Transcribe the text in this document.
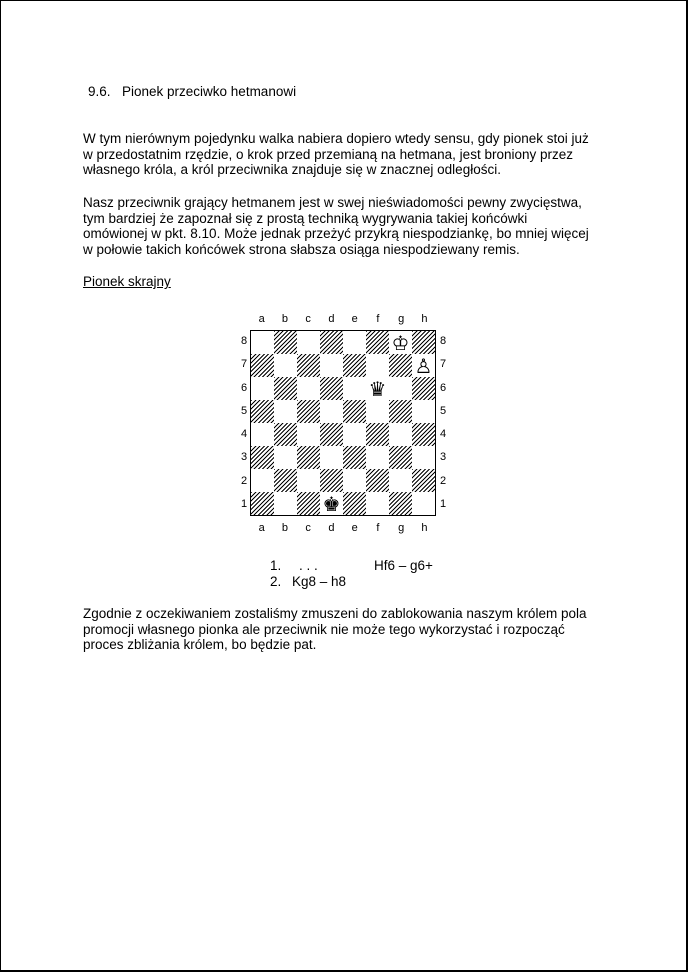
9.6. Pionek przeciwko hetmanowi
W tym nierównym pojedynku walka nabiera dopiero wtedy sensu, gdy pionek stoi już
w przedostatnim rzędzie, o krok przed przemianą na hetmana, jest broniony przez
własnego króla, a król przeciwnika znajduje się w znacznej odległości.
Nasz przeciwnik grający hetmanem jest w swej nieświadomości pewny zwycięstwa,
tym bardziej że zapoznał się z prostą techniką wygrywania takiej końcówki
omówionej w pkt. 8.10. Może jednak przeżyć przykrą niespodziankę, bo mniej więcej
w połowie takich końcówek strona słabsza osiąga niespodziewany remis.
Pionek skrajny
a	b	c	d	e	f	g	h
8
7
6
5
4
3
2
1
♔
♙
♛
♚
8
7
6
5
4
3
2
1
a	b	c	d	e	f	g	h
1. . . .	Hf6 – g6+
2. Kg8 – h8
Zgodnie z oczekiwaniem zostaliśmy zmuszeni do zablokowania naszym królem pola
promocji własnego pionka ale przeciwnik nie może tego wykorzystać i rozpocząć
proces zbliżania królem, bo będzie pat.
